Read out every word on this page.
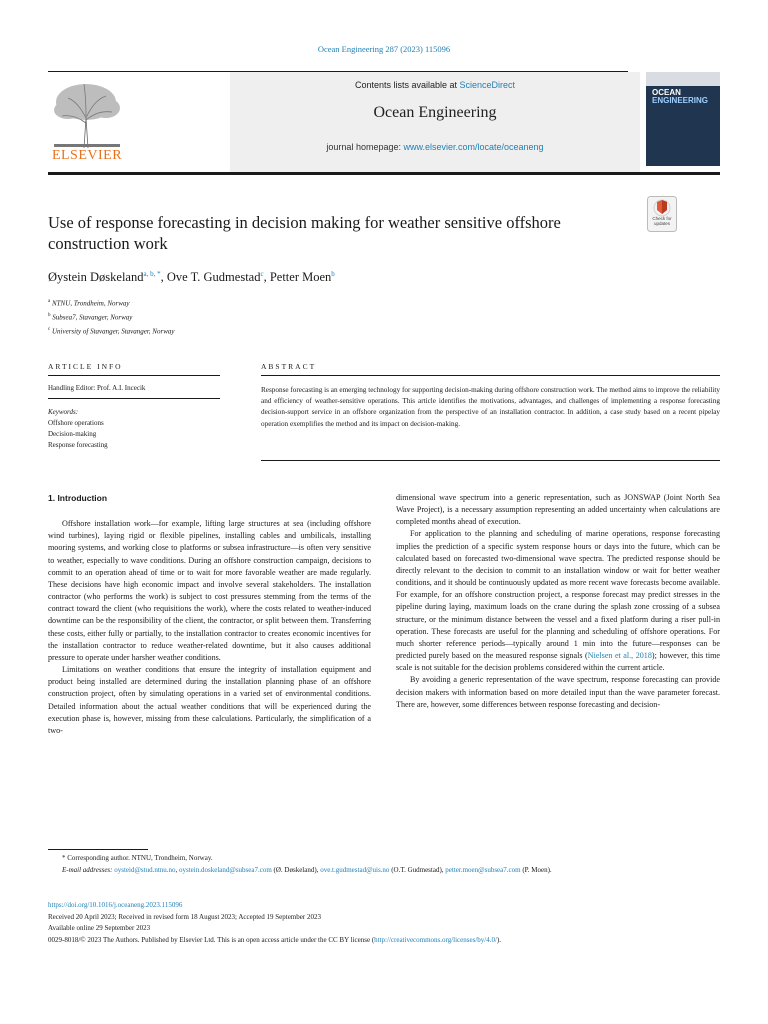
Ocean Engineering 287 (2023) 115096
ELSEVIER
Contents lists available at ScienceDirect
Ocean Engineering
journal homepage: www.elsevier.com/locate/oceaneng
OCEAN
ENGINEERING
Use of response forecasting in decision making for weather sensitive offshore construction work
Check for updates
Øystein Døskeland$^{a, b, *}$, Ove T. Gudmestad$^c$, Petter Moen$^b$
$^a$ NTNU, Trondheim, Norway
$^b$ Subsea7, Stavanger, Norway
$^c$ University of Stavanger, Stavanger, Norway
ARTICLE INFO	ABSTRACT
Handling Editor: Prof. A.I. Incecik
Keywords:
Offshore operations
Decision-making
Response forecasting
Response forecasting is an emerging technology for supporting decision-making during offshore construction work. The method aims to improve the reliability and efficiency of weather-sensitive operations. This article identifies the motivations, advantages, and challenges of implementing a response forecasting decision-support service in an offshore organization from the perspective of an installation contractor. In addition, a case study based on a recent pipelay operation exemplifies the method and its impact on decision-making.
1. Introduction

Offshore installation work—for example, lifting large structures at sea (including offshore wind turbines), laying rigid or flexible pipelines, installing cables and umbilicals, installing mooring systems, and working close to platforms or subsea infrastructure—is often very sensitive to weather, especially to wave conditions. During an offshore construction campaign, decisions to commit to an operation ahead of time or to wait for more favorable weather are made regularly. These decisions have high economic impact and involve several stakeholders. The installation contractor (who performs the work) is subject to cost pressures stemming from the terms of the contract toward the client (who requisitions the work), where the costs related to weather-induced downtime can be the responsibility of the client, the contractor, or split between them. Transferring these costs, either fully or partially, to the installation contractor to creates economic incentives for the installation contractor to reduce weather-related downtime, but it also causes additional pressure to operate under harsher weather conditions.

Limitations on weather conditions that ensure the integrity of installation equipment and product being installed are determined during the installation planning phase of an offshore construction project, often by simulating operations in a varied set of environmental conditions. Detailed information about the actual weather conditions that will be experienced during the execution phase is, however, missing from these calculations. Particularly, the simplification of a two-

dimensional wave spectrum into a generic representation, such as JONSWAP (Joint North Sea Wave Project), is a necessary assumption representing an added uncertainty when calculations are completed months ahead of execution.

For application to the planning and scheduling of marine operations, response forecasting implies the prediction of a specific system response hours or days into the future, which can be calculated based on forecasted two-dimensional wave spectra. The predicted response should be directly relevant to the decision to commit to an installation window or wait for better weather conditions, and it should be continuously updated as more recent wave forecasts become available. For example, for an offshore construction project, a response forecast may predict stresses in the pipeline during laying, maximum loads on the crane during the splash zone crossing of a subsea structure, or the minimum distance between the vessel and a fixed platform during a riser pull-in operation. These forecasts are useful for the planning and scheduling of offshore operations. For much shorter reference periods—typically around 1 min into the future—responses can be predicted purely based on the measured response signals (Nielsen et al., 2018); however, this time scale is not suitable for the decision problems considered within the current article.

By avoiding a generic representation of the wave spectrum, response forecasting can provide decision makers with information based on more detailed input than the wave parameter forecast. There are, however, some differences between response forecasting and decision-

* Corresponding author. NTNU, Trondheim, Norway.
E-mail addresses: oysteid@stud.ntnu.no, oystein.doskeland@subsea7.com (Ø. Døskeland), ove.t.gudmestad@uis.no (O.T. Gudmestad), petter.moen@subsea7.com (P. Moen).
https://doi.org/10.1016/j.oceaneng.2023.115096
Received 20 April 2023; Received in revised form 18 August 2023; Accepted 19 September 2023
Available online 29 September 2023
0029-8018/© 2023 The Authors. Published by Elsevier Ltd. This is an open access article under the CC BY license (http://creativecommons.org/licenses/by/4.0/).
